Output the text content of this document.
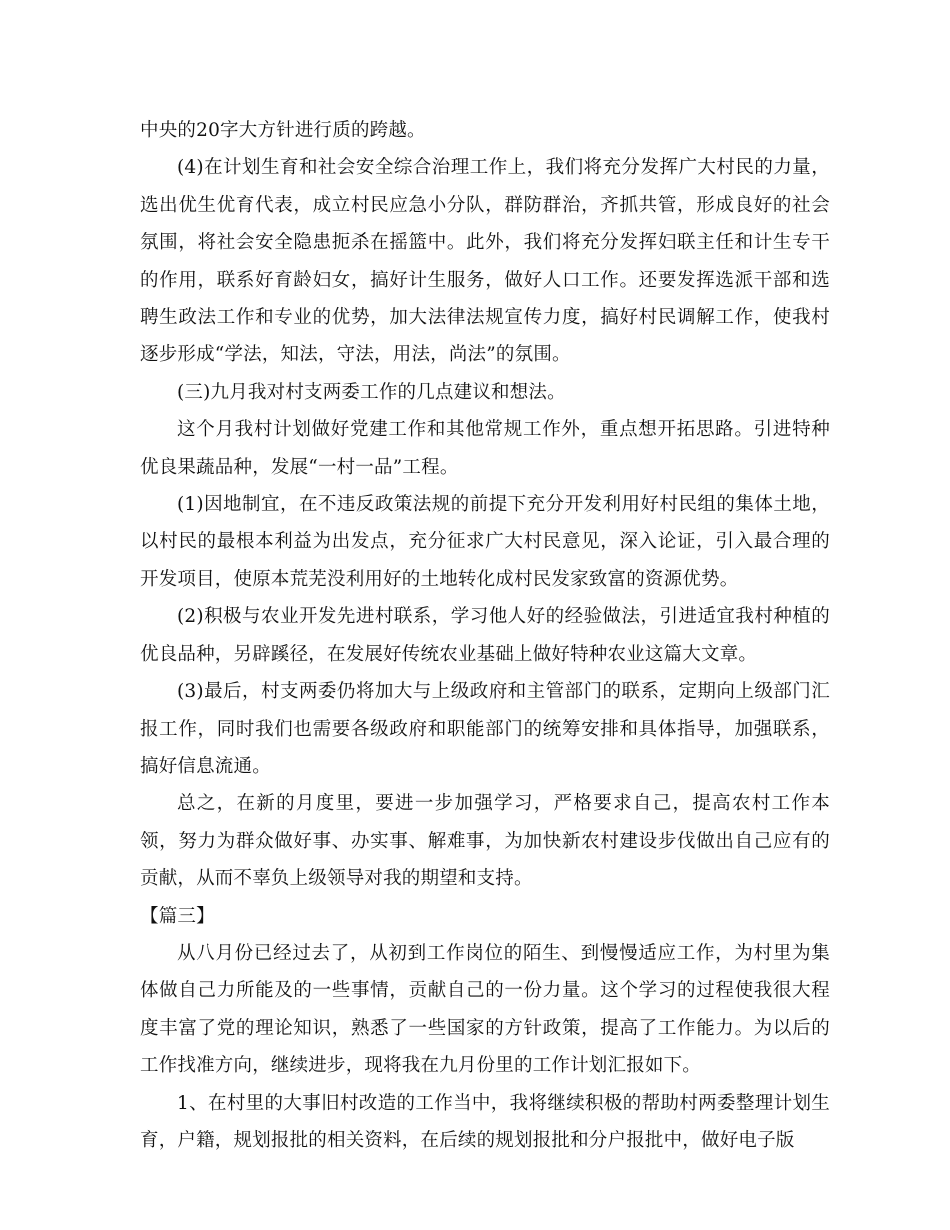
中央的20字大方针进行质的跨越。

(4)在计划生育和社会安全综合治理工作上，我们将充分发挥广大村民的力量，选出优生优育代表，成立村民应急小分队，群防群治，齐抓共管，形成良好的社会氛围，将社会安全隐患扼杀在摇篮中。此外，我们将充分发挥妇联主任和计生专干的作用，联系好育龄妇女，搞好计生服务，做好人口工作。还要发挥选派干部和选聘生政法工作和专业的优势，加大法律法规宣传力度，搞好村民调解工作，使我村逐步形成“学法，知法，守法，用法，尚法”的氛围。

(三)九月我对村支两委工作的几点建议和想法。

这个月我村计划做好党建工作和其他常规工作外，重点想开拓思路。引进特种优良果蔬品种，发展“一村一品”工程。

(1)因地制宜，在不违反政策法规的前提下充分开发利用好村民组的集体土地，以村民的最根本利益为出发点，充分征求广大村民意见，深入论证，引入最合理的开发项目，使原本荒芜没利用好的土地转化成村民发家致富的资源优势。

(2)积极与农业开发先进村联系，学习他人好的经验做法，引进适宜我村种植的优良品种，另辟蹊径，在发展好传统农业基础上做好特种农业这篇大文章。

(3)最后，村支两委仍将加大与上级政府和主管部门的联系，定期向上级部门汇报工作，同时我们也需要各级政府和职能部门的统筹安排和具体指导，加强联系，搞好信息流通。

总之，在新的月度里，要进一步加强学习，严格要求自己，提高农村工作本领，努力为群众做好事、办实事、解难事，为加快新农村建设步伐做出自己应有的贡献，从而不辜负上级领导对我的期望和支持。

【篇三】

从八月份已经过去了，从初到工作岗位的陌生、到慢慢适应工作，为村里为集体做自己力所能及的一些事情，贡献自己的一份力量。这个学习的过程使我很大程度丰富了党的理论知识，熟悉了一些国家的方针政策，提高了工作能力。为以后的工作找准方向，继续进步，现将我在九月份里的工作计划汇报如下。

1、在村里的大事旧村改造的工作当中，我将继续积极的帮助村两委整理计划生育，户籍，规划报批的相关资料，在后续的规划报批和分户报批中，做好电子版
